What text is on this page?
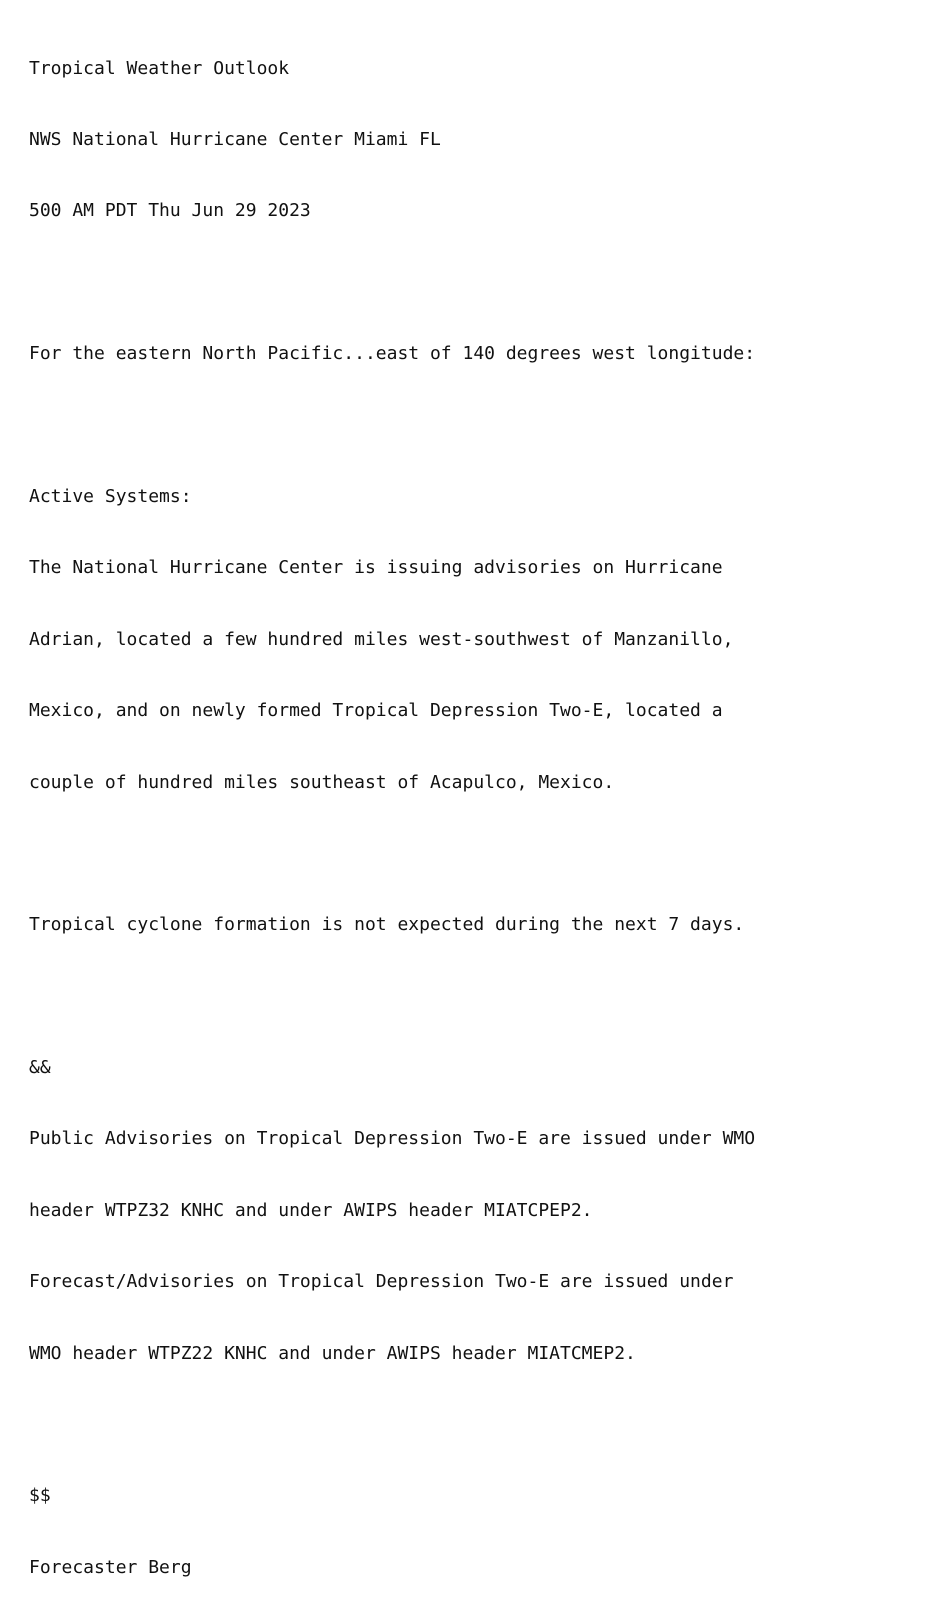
Tropical Weather Outlook

NWS National Hurricane Center Miami FL

500 AM PDT Thu Jun 29 2023

For the eastern North Pacific...east of 140 degrees west longitude:

Active Systems:

The National Hurricane Center is issuing advisories on Hurricane

Adrian, located a few hundred miles west-southwest of Manzanillo,

Mexico, and on newly formed Tropical Depression Two-E, located a

couple of hundred miles southeast of Acapulco, Mexico.

Tropical cyclone formation is not expected during the next 7 days.

&&

Public Advisories on Tropical Depression Two-E are issued under WMO

header WTPZ32 KNHC and under AWIPS header MIATCPEP2.

Forecast/Advisories on Tropical Depression Two-E are issued under

WMO header WTPZ22 KNHC and under AWIPS header MIATCMEP2.

$$

Forecaster Berg
